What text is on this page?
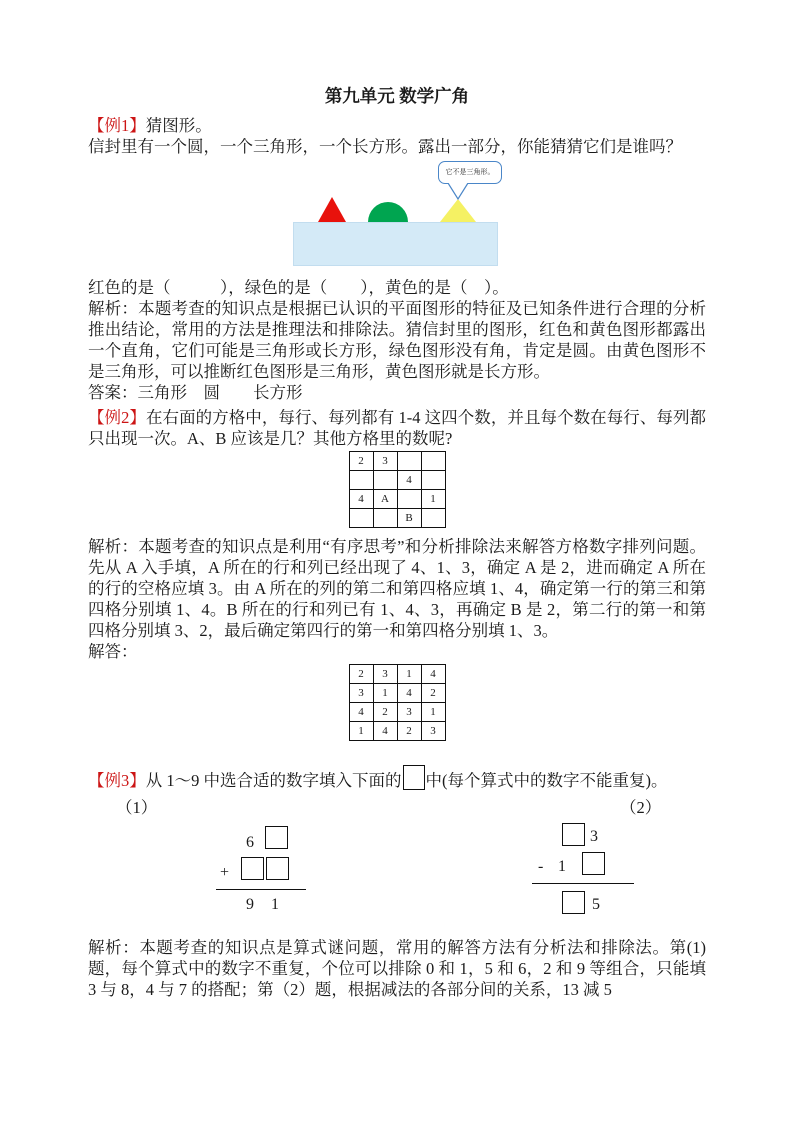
第九单元 数学广角

【例1】猜图形。

信封里有一个圆，一个三角形，一个长方形。露出一部分，你能猜猜它们是谁吗？

它不是三角形。

红色的是（　　　），绿色的是（　　），黄色的是（　）。

解析：本题考查的知识点是根据已认识的平面图形的特征及已知条件进行合理的分析推出结论，常用的方法是推理法和排除法。猜信封里的图形，红色和黄色图形都露出一个直角，它们可能是三角形或长方形，绿色图形没有角，肯定是圆。由黄色图形不是三角形，可以推断红色图形是三角形，黄色图形就是长方形。

答案：三角形　圆　　长方形

【例2】在右面的方格中，每行、每列都有 1-4 这四个数，并且每个数在每行、每列都只出现一次。A、B 应该是几？其他方格里的数呢?

2	3		
		4	
4	A		1
		B	

解析：本题考查的知识点是利用“有序思考”和分析排除法来解答方格数字排列问题。先从 A 入手填，A 所在的行和列已经出现了 4、1、3，确定 A 是 2，进而确定 A 所在的行的空格应填 3。由 A 所在的列的第二和第四格应填 1、4，确定第一行的第三和第四格分别填 1、4。B 所在的行和列已有 1、4、3，再确定 B 是 2，第二行的第一和第四格分别填 3、2，最后确定第四行的第一和第四格分别填 1、3。

解答：

2	3	1	4
3	1	4	2
4	2	3	1
1	4	2	3

【例3】从 1～9 中选合适的数字填入下面的 中(每个算式中的数字不能重复)。

（1）	（2）
6
+
9 1
3
- 1
5

解析：本题考查的知识点是算式谜问题，常用的解答方法有分析法和排除法。第(1)题，每个算式中的数字不重复，个位可以排除 0 和 1，5 和 6，2 和 9 等组合，只能填 3 与 8，4 与 7 的搭配；第（2）题，根据减法的各部分间的关系，13 减 5
